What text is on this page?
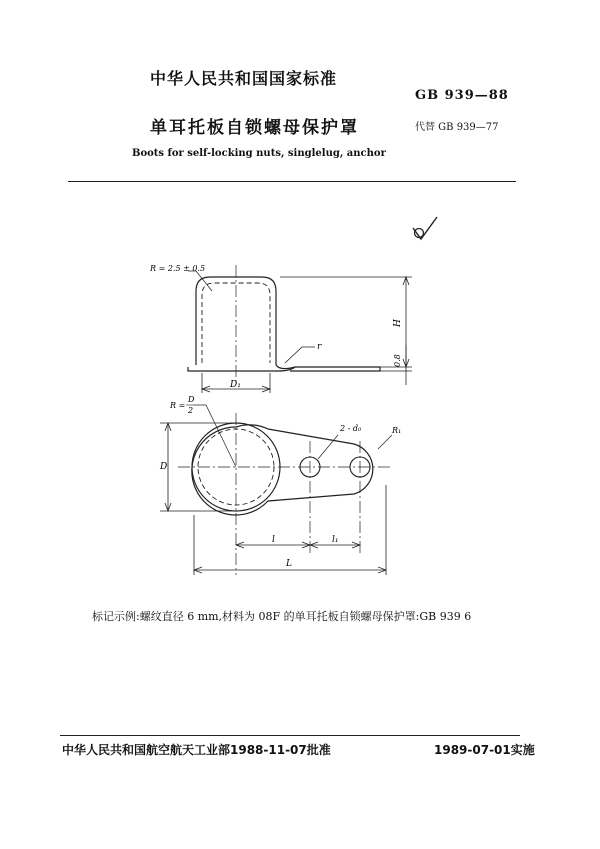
中华人民共和国国家标准
GB 939—88
单耳托板自锁螺母保护罩	代替 GB 939—77
Boots for self-locking nuts, singlelug, anchor
R = 2.5 ± 0.5
r
H
0.8
D₁
R =
D
2
2 - d₀	R₁
D
l	l₁
L
标记示例:螺纹直径 6 mm,材料为 08F 的单耳托板自锁螺母保护罩:GB 939 6
中华人民共和国航空航天工业部1988-11-07批准	1989-07-01实施
